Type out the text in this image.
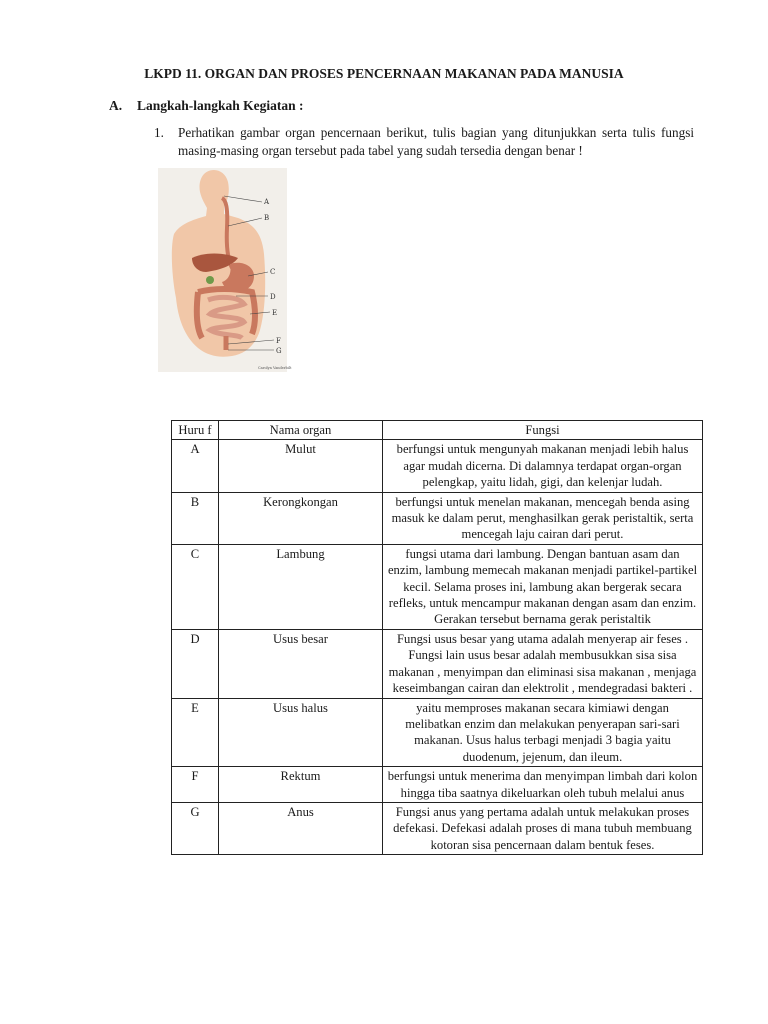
LKPD 11. ORGAN DAN PROSES PENCERNAAN MAKANAN PADA MANUSIA
A. Langkah-langkah Kegiatan :
1. Perhatikan gambar organ pencernaan berikut, tulis bagian yang ditunjukkan serta tulis fungsi masing-masing organ tersebut pada tabel yang sudah tersedia dengan benar !
A
B
C
D
E
F
G
Carolyn Vanderbilt
Huru f	Nama organ	Fungsi
A	Mulut	berfungsi untuk mengunyah makanan menjadi lebih halus agar mudah dicerna. Di dalamnya terdapat organ-organ pelengkap, yaitu lidah, gigi, dan kelenjar ludah.
B	Kerongkongan	berfungsi untuk menelan makanan, mencegah benda asing masuk ke dalam perut, menghasilkan gerak peristaltik, serta mencegah laju cairan dari perut.
C	Lambung	fungsi utama dari lambung. Dengan bantuan asam dan enzim, lambung memecah makanan menjadi partikel-partikel kecil. Selama proses ini, lambung akan bergerak secara refleks, untuk mencampur makanan dengan asam dan enzim. Gerakan tersebut bernama gerak peristaltik
D	Usus besar	Fungsi usus besar yang utama adalah menyerap air feses . Fungsi lain usus besar adalah membusukkan sisa sisa makanan , menyimpan dan eliminasi sisa makanan , menjaga keseimbangan cairan dan elektrolit , mendegradasi bakteri .
E	Usus halus	yaitu memproses makanan secara kimiawi dengan melibatkan enzim dan melakukan penyerapan sari-sari makanan. Usus halus terbagi menjadi 3 bagia yaitu duodenum, jejenum, dan ileum.
F	Rektum	berfungsi untuk menerima dan menyimpan limbah dari kolon hingga tiba saatnya dikeluarkan oleh tubuh melalui anus
G	Anus	Fungsi anus yang pertama adalah untuk melakukan proses defekasi. Defekasi adalah proses di mana tubuh membuang kotoran sisa pencernaan dalam bentuk feses.
